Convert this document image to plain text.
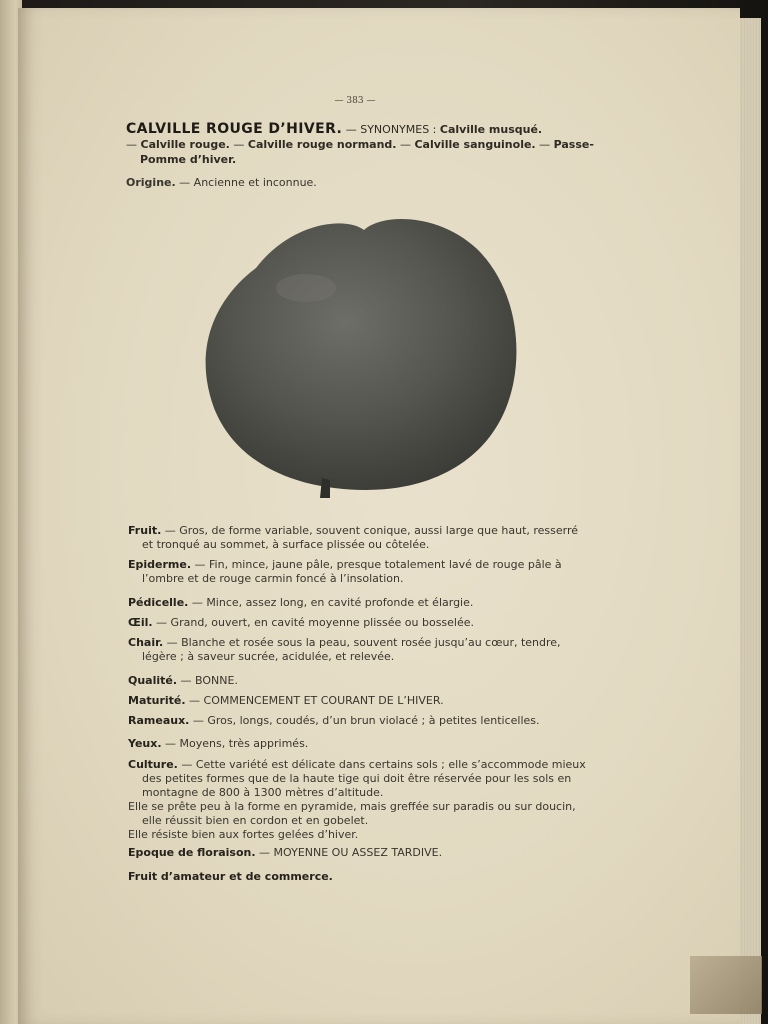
— 383 —
CALVILLE ROUGE D’HIVER. — SYNONYMES : Calville musqué.
— Calville rouge. — Calville rouge normand. — Calville sanguinole. — Passe-
Pomme d’hiver.
Origine. — Ancienne et inconnue.
Fruit. — Gros, de forme variable, souvent conique, aussi large que haut, resserré
et tronqué au sommet, à surface plissée ou côtelée.
Epiderme. — Fin, mince, jaune pâle, presque totalement lavé de rouge pâle à
l’ombre et de rouge carmin foncé à l’insolation.
Pédicelle. — Mince, assez long, en cavité profonde et élargie.
Œil. — Grand, ouvert, en cavité moyenne plissée ou bosselée.
Chair. — Blanche et rosée sous la peau, souvent rosée jusqu’au cœur, tendre,
légère ; à saveur sucrée, acidulée, et relevée.
Qualité. — BONNE.
Maturité. — COMMENCEMENT ET COURANT DE L’HIVER.
Rameaux. — Gros, longs, coudés, d’un brun violacé ; à petites lenticelles.
Yeux. — Moyens, très apprimés.
Culture. — Cette variété est délicate dans certains sols ; elle s’accommode mieux
des petites formes que de la haute tige qui doit être réservée pour les sols en
montagne de 800 à 1300 mètres d’altitude.
Elle se prête peu à la forme en pyramide, mais greffée sur paradis ou sur doucin,
elle réussit bien en cordon et en gobelet.
Elle résiste bien aux fortes gelées d’hiver.
Epoque de floraison. — MOYENNE OU ASSEZ TARDIVE.
Fruit d’amateur et de commerce.
